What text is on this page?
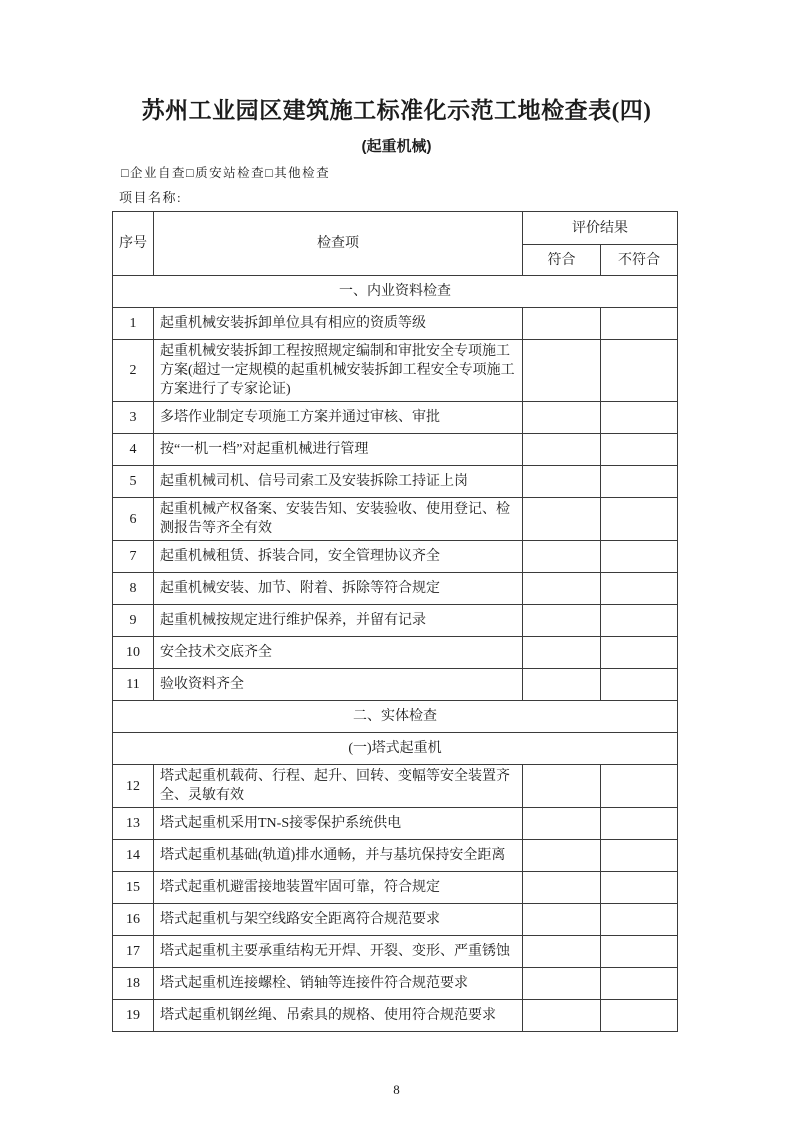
苏州工业园区建筑施工标准化示范工地检查表(四)
(起重机械)
□企业自查□质安站检查□其他检查
项目名称:
序号	检查项	评价结果	
		符合	不符合
一、内业资料检查			
1	起重机械安装拆卸单位具有相应的资质等级		
2	起重机械安装拆卸工程按照规定编制和审批安全专项施工方案(超过一定规模的起重机械安装拆卸工程安全专项施工方案进行了专家论证)		
3	多塔作业制定专项施工方案并通过审核、审批		
4	按“一机一档”对起重机械进行管理		
5	起重机械司机、信号司索工及安装拆除工持证上岗		
6	起重机械产权备案、安装告知、安装验收、使用登记、检测报告等齐全有效		
7	起重机械租赁、拆装合同，安全管理协议齐全		
8	起重机械安装、加节、附着、拆除等符合规定		
9	起重机械按规定进行维护保养，并留有记录		
10	安全技术交底齐全		
11	验收资料齐全		
二、实体检查			
(一)塔式起重机			
12	塔式起重机载荷、行程、起升、回转、变幅等安全装置齐全、灵敏有效		
13	塔式起重机采用TN-S接零保护系统供电		
14	塔式起重机基础(轨道)排水通畅，并与基坑保持安全距离		
15	塔式起重机避雷接地装置牢固可靠，符合规定		
16	塔式起重机与架空线路安全距离符合规范要求		
17	塔式起重机主要承重结构无开焊、开裂、变形、严重锈蚀		
18	塔式起重机连接螺栓、销轴等连接件符合规范要求		
19	塔式起重机钢丝绳、吊索具的规格、使用符合规范要求		
8
